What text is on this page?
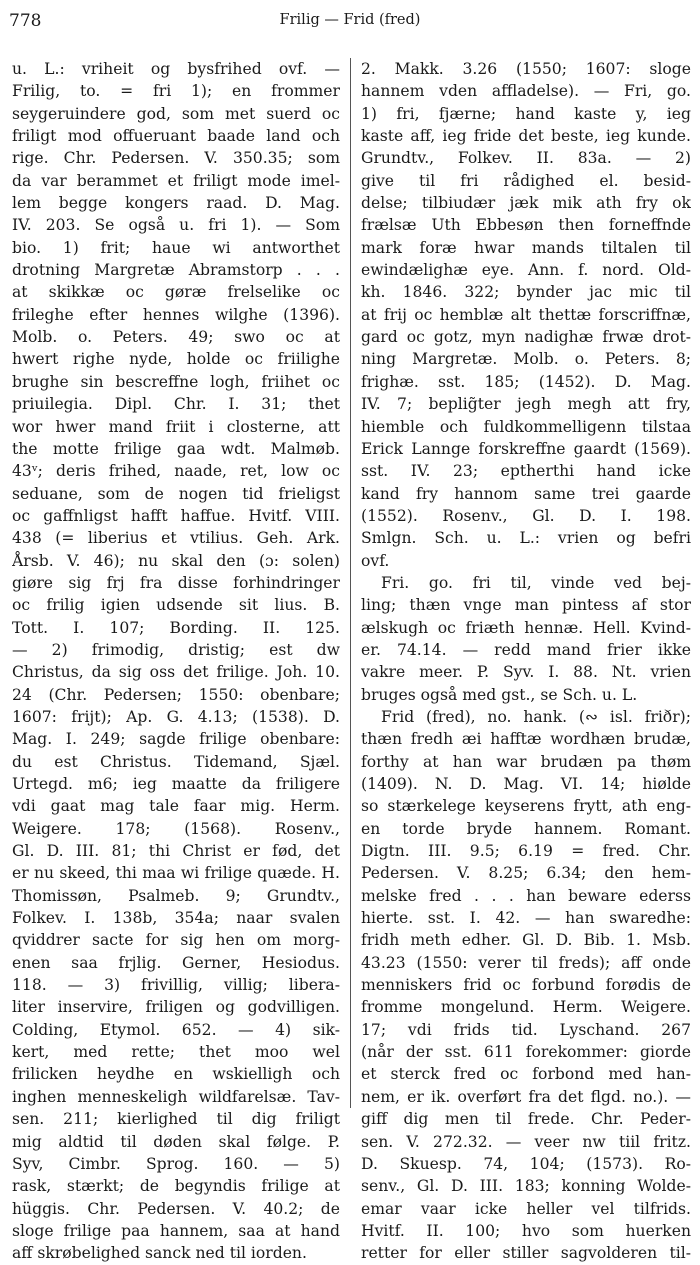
778	Frilig — Frid (fred)
u. L.: vriheit og bysfrihed ovf. —
Frilig, to. = fri 1); en frommer
seygeruindere god, som met suerd oc
friligt mod offueruant baade land och
rige. Chr. Pedersen. V. 350.35; som
da var berammet et friligt mode imel-
lem begge kongers raad. D. Mag.
IV. 203. Se også u. fri 1). — Som
bio. 1) frit; haue wi antworthet
drotning Margretæ Abramstorp . . .
at skikkæ oc gøræ frelselike oc
frileghe efter hennes wilghe (1396).
Molb. o. Peters. 49; swo oc at
hwert righe nyde, holde oc friilighe
brughe sin bescreffne logh, friihet oc
priuilegia. Dipl. Chr. I. 31; thet
wor hwer mand friit i closterne, att
the motte frilige gaa wdt. Malmøb.
43ᵛ; deris frihed, naade, ret, low oc
seduane, som de nogen tid frieligst
oc gaffnligst hafft haffue. Hvitf. VIII.
438 (= liberius et vtilius. Geh. Ark.
Årsb. V. 46); nu skal den (ɔ: solen)
giøre sig frj fra disse forhindringer
oc frilig igien udsende sit lius. B.
Tott. I. 107; Bording. II. 125.
— 2) frimodig, dristig; est dw
Christus, da sig oss det frilige. Joh. 10.
24 (Chr. Pedersen; 1550: obenbare;
1607: frijt); Ap. G. 4.13; (1538). D.
Mag. I. 249; sagde frilige obenbare:
du est Christus. Tidemand, Sjæl.
Urtegd. m6; ieg maatte da friligere
vdi gaat mag tale faar mig. Herm.
Weigere. 178; (1568). Rosenv.,
Gl. D. III. 81; thi Christ er fød, det
er nu skeed, thi maa wi frilige quæde. H.
Thomissøn, Psalmeb. 9; Grundtv.,
Folkev. I. 138b, 354a; naar svalen
qviddrer sacte for sig hen om morg-
enen saa frjlig. Gerner, Hesiodus.
118. — 3) frivillig, villig; libera-
liter inservire, friligen og godvilligen.
Colding, Etymol. 652. — 4) sik-
kert, med rette; thet moo wel
frilicken heydhe en wskielligh och
inghen menneskeligh wildfarelsæ. Tav-
sen. 211; kierlighed til dig friligt
mig aldtid til døden skal følge. P.
Syv, Cimbr. Sprog. 160. — 5)
rask, stærkt; de begyndis frilige at
hüggis. Chr. Pedersen. V. 40.2; de
sloge frilige paa hannem, saa at hand
aff skrøbelighed sanck ned til iorden.
2. Makk. 3.26 (1550; 1607: sloge
hannem vden affladelse). — Fri, go.
1) fri, fjærne; hand kaste y, ieg
kaste aff, ieg fride det beste, ieg kunde.
Grundtv., Folkev. II. 83a. — 2)
give til fri rådighed el. besid-
delse; tilbiudær jæk mik ath fry ok
frælsæ Uth Ebbesøn then forneffnde
mark foræ hwar mands tiltalen til
ewindælighæ eye. Ann. f. nord. Old-
kh. 1846. 322; bynder jac mic til
at frij oc hemblæ alt thettæ forscriffnæ,
gard oc gotz, myn nadighæ frwæ drot-
ning Margretæ. Molb. o. Peters. 8;
frighæ. sst. 185; (1452). D. Mag.
IV. 7; beplig̃ter jegh megh att fry,
hiemble och fuldkommelligenn tilstaa
Erick Lannge forskreffne gaardt (1569).
sst. IV. 23; eptherthi hand icke
kand fry hannom same trei gaarde
(1552). Rosenv., Gl. D. I. 198.
Smlgn. Sch. u. L.: vrien og befri
ovf.
Fri. go. fri til, vinde ved bej-
ling; thæn vnge man pintess af stor
ælskugh oc friæth hennæ. Hell. Kvind-
er. 74.14. — redd mand frier ikke
vakre meer. P. Syv. I. 88. Nt. vrien
bruges også med gst., se Sch. u. L.
Frid (fred), no. hank. (∾ isl. friðr);
thæn fredh æi hafftæ wordhæn brudæ,
forthy at han war brudæn pa thøm
(1409). N. D. Mag. VI. 14; hiølde
so stærkelege keyserens frytt, ath eng-
en torde bryde hannem. Romant.
Digtn. III. 9.5; 6.19 = fred. Chr.
Pedersen. V. 8.25; 6.34; den hem-
melske fred . . . han beware ederss
hierte. sst. I. 42. — han swaredhe:
fridh meth edher. Gl. D. Bib. 1. Msb.
43.23 (1550: verer til freds); aff onde
menniskers frid oc forbund forødis de
fromme mongelund. Herm. Weigere.
17; vdi frids tid. Lyschand. 267
(når der sst. 611 forekommer: giorde
et sterck fred oc forbond med han-
nem, er ik. overført fra det flgd. no.). —
giff dig men til frede. Chr. Peder-
sen. V. 272.32. — veer nw tiil fritz.
D. Skuesp. 74, 104; (1573). Ro-
senv., Gl. D. III. 183; konning Wolde-
emar vaar icke heller vel tilfrids.
Hvitf. II. 100; hvo som huerken
retter for eller stiller sagvolderen til-
